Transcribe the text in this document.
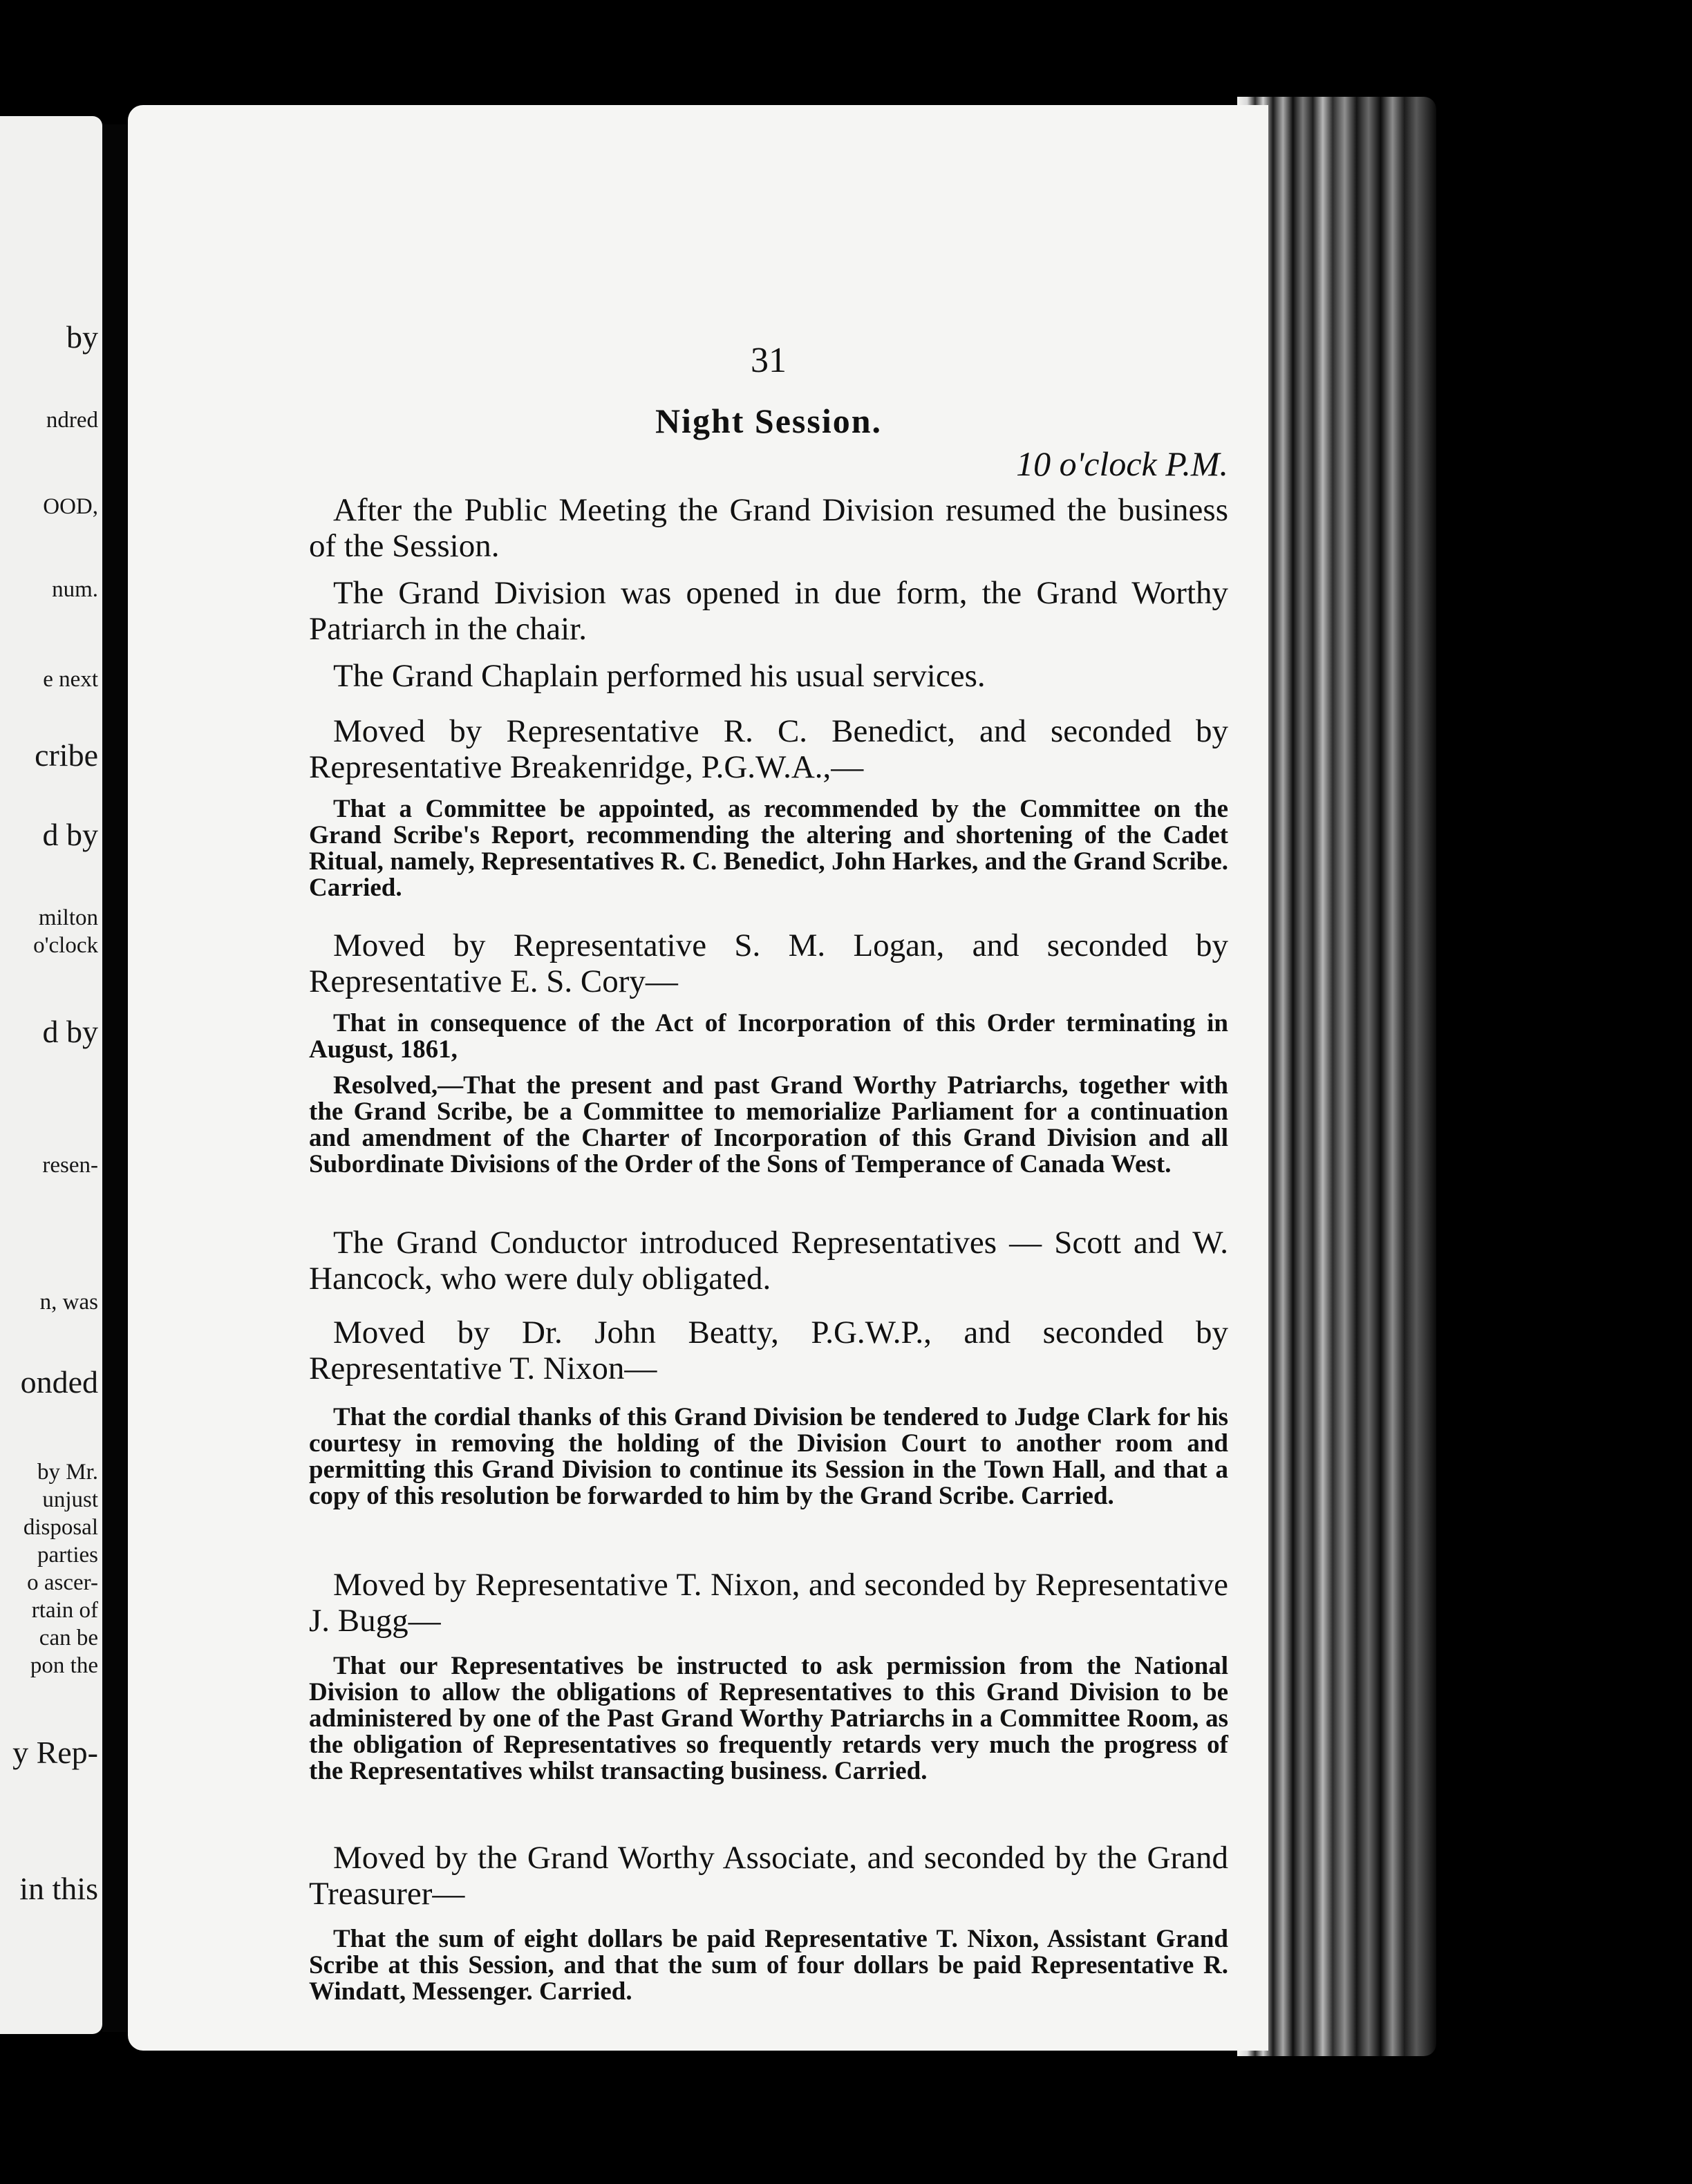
by
ndred
OOD,
num.
e next
cribe
d by
milton
o'clock
d by
resen-
n, was
onded
by Mr.
unjust
disposal
parties
o ascer-
rtain of
can be
pon the
y Rep-
in this
31
Night Session.
10 o'clock P.M.

After the Public Meeting the Grand Division resumed the business of the Session.

The Grand Division was opened in due form, the Grand Worthy Patriarch in the chair.

The Grand Chaplain performed his usual services.

Moved by Representative R. C. Benedict, and seconded by Representative Breakenridge, P.G.W.A.,—

That a Committee be appointed, as recommended by the Committee on the Grand Scribe's Report, recommending the altering and shortening of the Cadet Ritual, namely, Representatives R. C. Benedict, John Harkes, and the Grand Scribe. Carried.

Moved by Representative S. M. Logan, and seconded by Representative E. S. Cory—

That in consequence of the Act of Incorporation of this Order terminating in August, 1861,

Resolved,—That the present and past Grand Worthy Patriarchs, together with the Grand Scribe, be a Committee to memorialize Parliament for a continuation and amendment of the Charter of Incorporation of this Grand Division and all Subordinate Divisions of the Order of the Sons of Temperance of Canada West.

The Grand Conductor introduced Representatives — Scott and W. Hancock, who were duly obligated.

Moved by Dr. John Beatty, P.G.W.P., and seconded by Representative T. Nixon—

That the cordial thanks of this Grand Division be tendered to Judge Clark for his courtesy in removing the holding of the Division Court to another room and permitting this Grand Division to continue its Session in the Town Hall, and that a copy of this resolution be forwarded to him by the Grand Scribe. Carried.

Moved by Representative T. Nixon, and seconded by Representative J. Bugg—

That our Representatives be instructed to ask permission from the National Division to allow the obligations of Representatives to this Grand Division to be administered by one of the Past Grand Worthy Patriarchs in a Committee Room, as the obligation of Representatives so frequently retards very much the progress of the Representatives whilst transacting business. Carried.

Moved by the Grand Worthy Associate, and seconded by the Grand Treasurer—

That the sum of eight dollars be paid Representative T. Nixon, Assistant Grand Scribe at this Session, and that the sum of four dollars be paid Representative R. Windatt, Messenger. Carried.
